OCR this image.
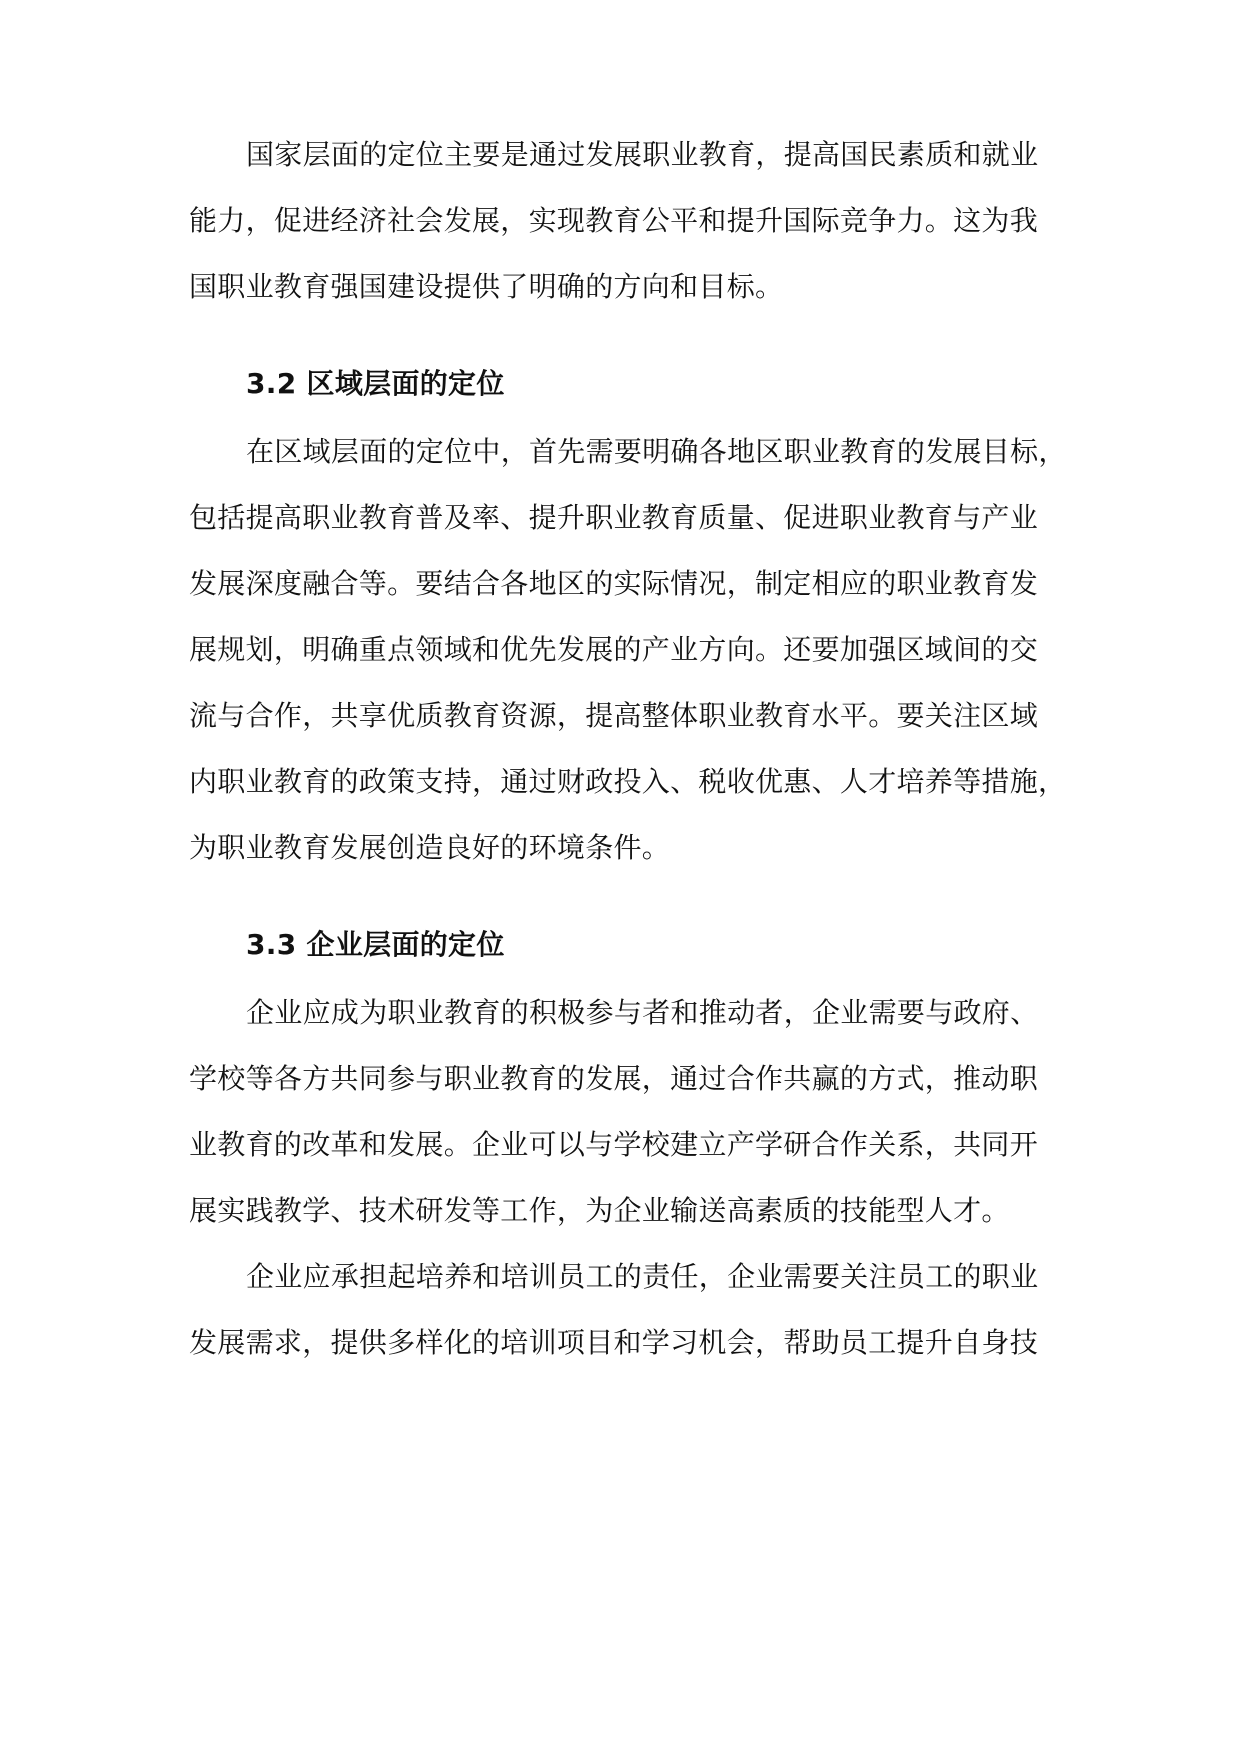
国家层面的定位主要是通过发展职业教育，提高国民素质和就业
能力，促进经济社会发展，实现教育公平和提升国际竞争力。这为我
国职业教育强国建设提供了明确的方向和目标。
3.2 区域层面的定位
在区域层面的定位中，首先需要明确各地区职业教育的发展目标，
包括提高职业教育普及率、提升职业教育质量、促进职业教育与产业
发展深度融合等。要结合各地区的实际情况，制定相应的职业教育发
展规划，明确重点领域和优先发展的产业方向。还要加强区域间的交
流与合作，共享优质教育资源，提高整体职业教育水平。要关注区域
内职业教育的政策支持，通过财政投入、税收优惠、人才培养等措施，
为职业教育发展创造良好的环境条件。
3.3 企业层面的定位
企业应成为职业教育的积极参与者和推动者，企业需要与政府、
学校等各方共同参与职业教育的发展，通过合作共赢的方式，推动职
业教育的改革和发展。企业可以与学校建立产学研合作关系，共同开
展实践教学、技术研发等工作，为企业输送高素质的技能型人才。
企业应承担起培养和培训员工的责任，企业需要关注员工的职业
发展需求，提供多样化的培训项目和学习机会，帮助员工提升自身技
